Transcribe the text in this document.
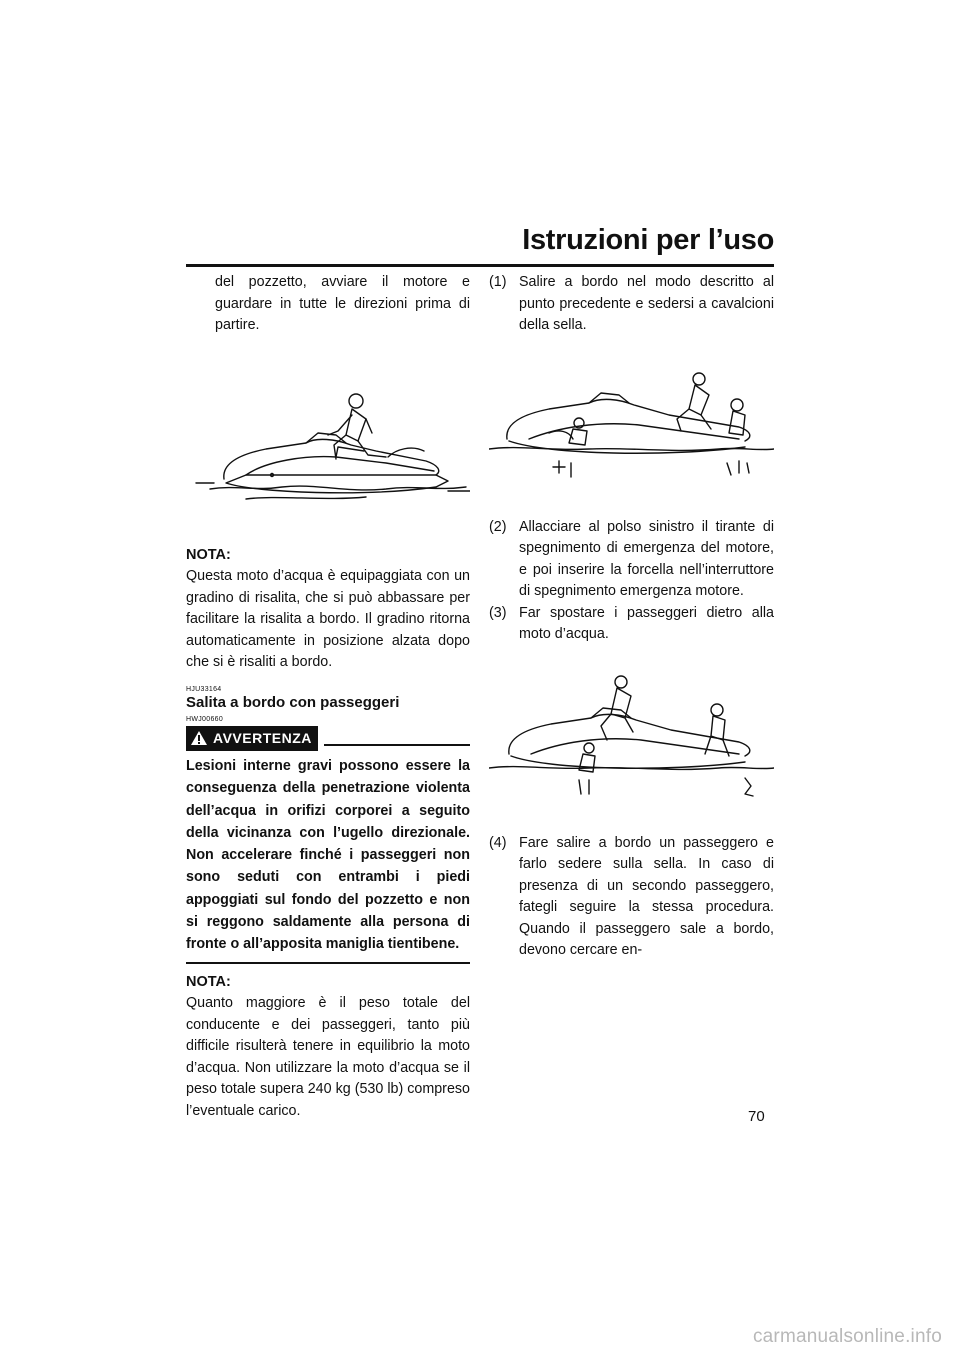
Istruzioni per l’uso

del pozzetto, avviare il motore e guardare in tutte le direzioni prima di partire.

NOTA:

Questa moto d’acqua è equipaggiata con un gradino di risalita, che si può abbassare per facilitare la risalita a bordo. Il gradino ritorna automaticamente in posizione alzata dopo che si è risaliti a bordo.

HJU33164
Salita a bordo con passeggeri
HWJ00660
AVVERTENZA

Lesioni interne gravi possono essere la conseguenza della penetrazione violenta dell’acqua in orifizi corporei a seguito della vicinanza con l’ugello direzionale. Non accelerare finché i passeggeri non sono seduti con entrambi i piedi appoggiati sul fondo del pozzetto e non si reggono saldamente alla persona di fronte o all’apposita maniglia tientibene.

NOTA:

Quanto maggiore è il peso totale del conducente e dei passeggeri, tanto più difficile risulterà tenere in equilibrio la moto d’acqua. Non utilizzare la moto d’acqua se il peso totale supera 240 kg (530 lb) compreso l’eventuale carico.

(1) Salire a bordo nel modo descritto al punto precedente e sedersi a cavalcioni della sella.
(2) Allacciare al polso sinistro il tirante di spegnimento di emergenza del motore, e poi inserire la forcella nell’interruttore di spegnimento emergenza motore.
(3) Far spostare i passeggeri dietro alla moto d’acqua.
(4) Fare salire a bordo un passeggero e farlo sedere sulla sella. In caso di presenza di un secondo passeggero, fategli seguire la stessa procedura. Quando il passeggero sale a bordo, devono cercare en-
70
carmanualsonline.info
